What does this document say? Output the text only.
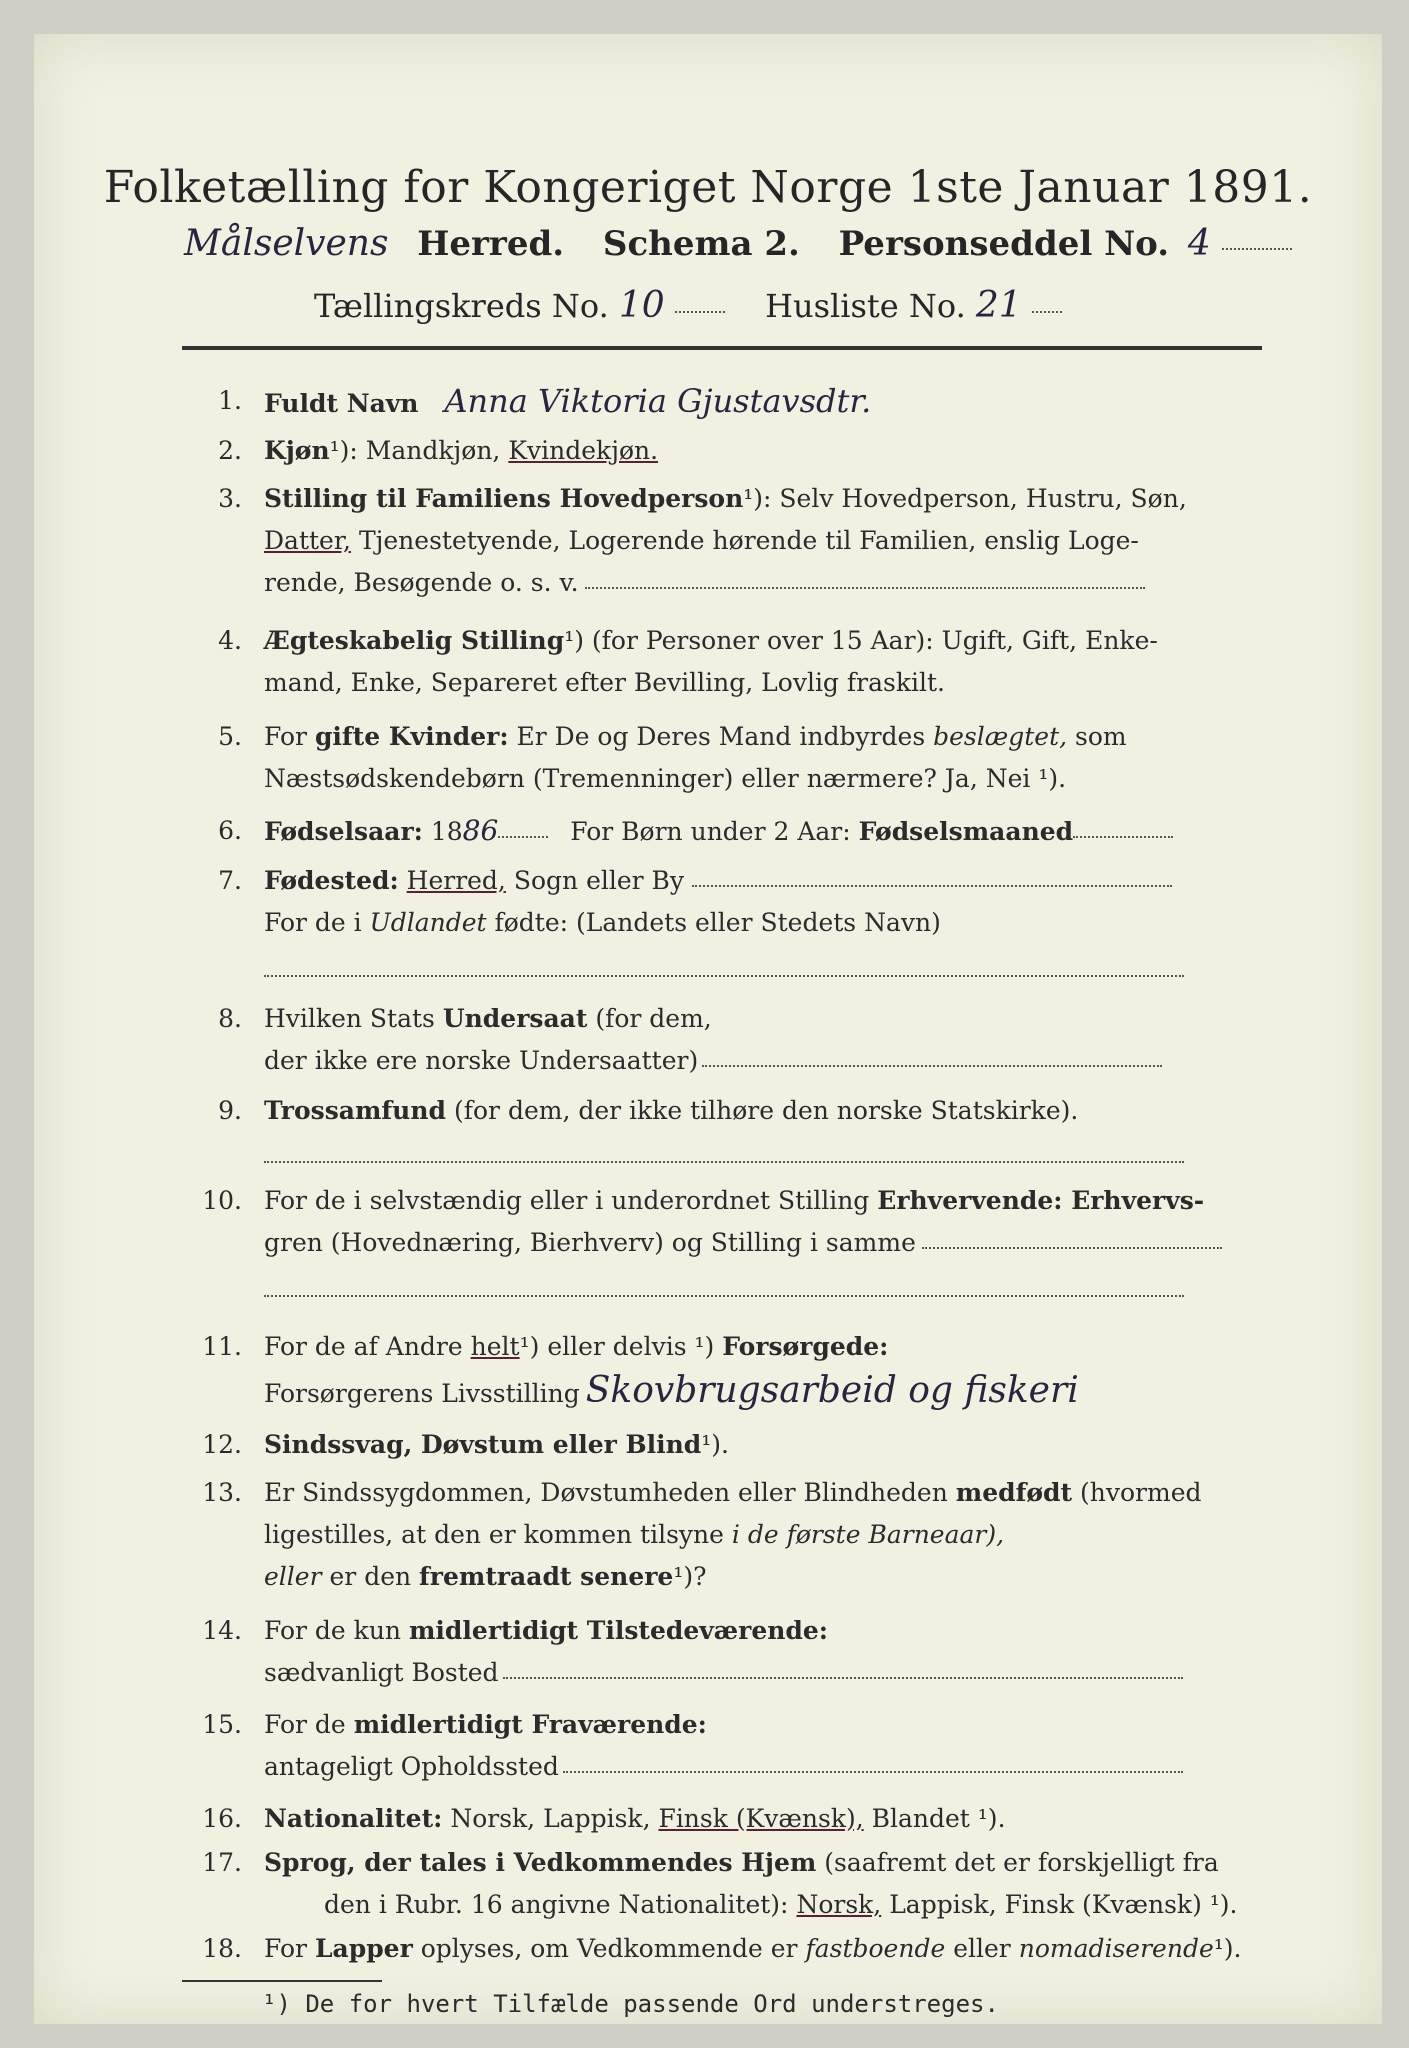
Folketælling for Kongeriget Norge 1ste Januar 1891.
Målselvens Herred. Schema 2. Personseddel No. 4
Tællingskreds No. 10	Husliste No. 21
1. Fuldt Navn Anna Viktoria Gjustavsdtr.
2. Kjøn¹): Mandkjøn, Kvindekjøn.
3. Stilling til Familiens Hovedperson¹): Selv Hovedperson, Hustru, Søn,
Datter, Tjenestetyende, Logerende hørende til Familien, enslig Loge-
rende, Besøgende o. s. v.
4. Ægteskabelig Stilling¹) (for Personer over 15 Aar): Ugift, Gift, Enke-
mand, Enke, Separeret efter Bevilling, Lovlig fraskilt.
5. For gifte Kvinder: Er De og Deres Mand indbyrdes beslægtet, som
Næstsødskendebørn (Tremenninger) eller nærmere? Ja, Nei ¹).
6. Fødselsaar: 1886	For Børn under 2 Aar: Fødselsmaaned
7. Fødested: Herred, Sogn eller By
For de i Udlandet fødte: (Landets eller Stedets Navn)
8. Hvilken Stats Undersaat (for dem,
der ikke ere norske Undersaatter)
9. Trossamfund (for dem, der ikke tilhøre den norske Statskirke).
10. For de i selvstændig eller i underordnet Stilling Erhvervende: Erhvervs-
gren (Hovednæring, Bierhverv) og Stilling i samme
11. For de af Andre helt¹) eller delvis ¹) Forsørgede:
Forsørgerens Livsstilling Skovbrugsarbeid og fiskeri
12. Sindssvag, Døvstum eller Blind¹).
13. Er Sindssygdommen, Døvstumheden eller Blindheden medfødt (hvormed
ligestilles, at den er kommen tilsyne i de første Barneaar),
eller er den fremtraadt senere¹)?
14. For de kun midlertidigt Tilstedeværende:
sædvanligt Bosted
15. For de midlertidigt Fraværende:
antageligt Opholdssted
16. Nationalitet: Norsk, Lappisk, Finsk (Kvænsk), Blandet ¹).
17. Sprog, der tales i Vedkommendes Hjem (saafremt det er forskjelligt fra
den i Rubr. 16 angivne Nationalitet): Norsk, Lappisk, Finsk (Kvænsk) ¹).
18. For Lapper oplyses, om Vedkommende er fastboende eller nomadiserende¹).
¹) De for hvert Tilfælde passende Ord understreges.
